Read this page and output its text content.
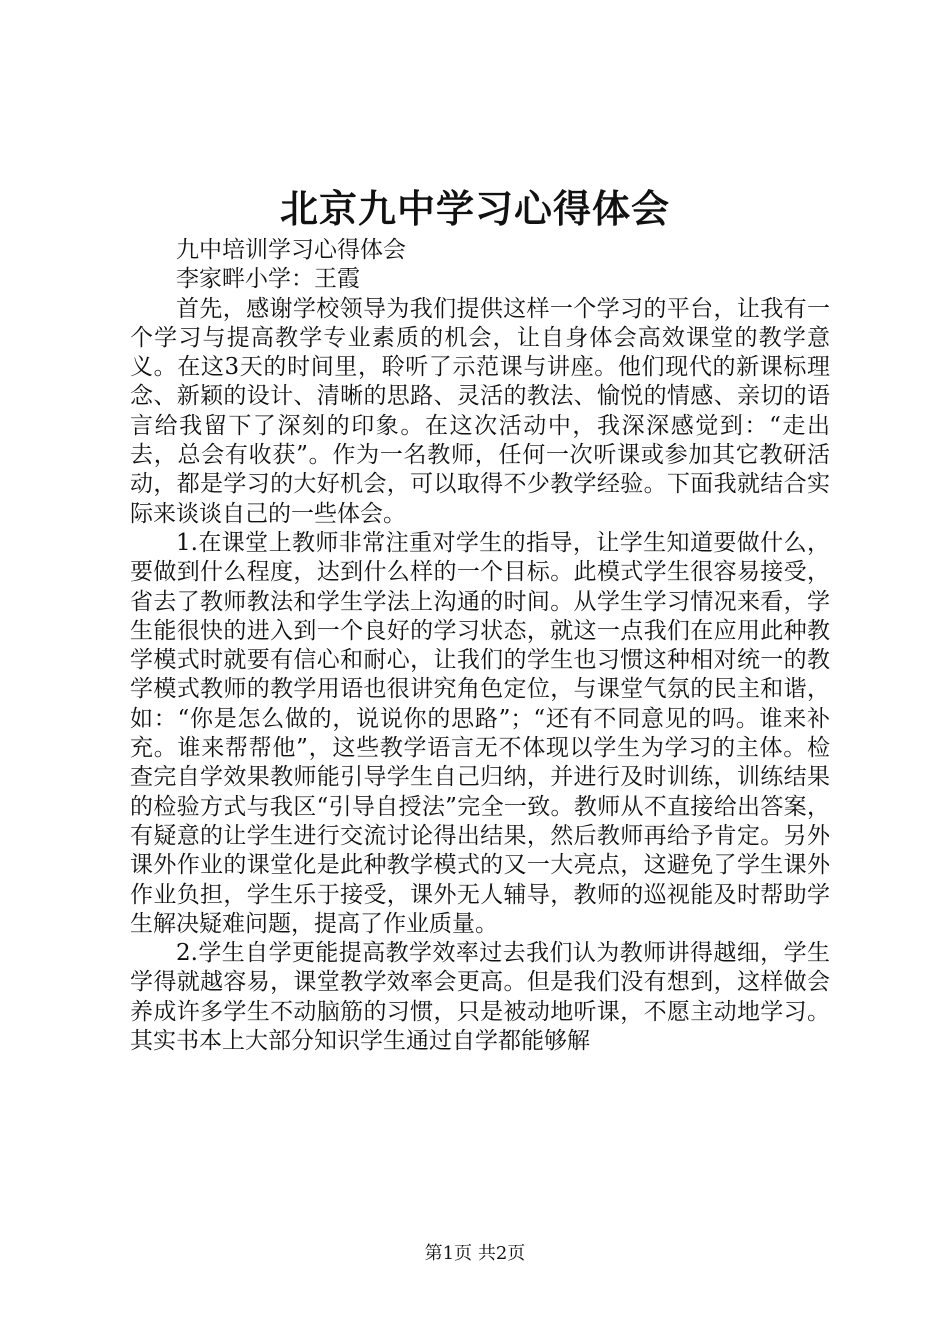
北京九中学习心得体会

九中培训学习心得体会

李家畔小学：王霞

首先，感谢学校领导为我们提供这样一个学习的平台，让我有一个学习与提高教学专业素质的机会，让自身体会高效课堂的教学意义。在这3天的时间里，聆听了示范课与讲座。他们现代的新课标理念、新颖的设计、清晰的思路、灵活的教法、愉悦的情感、亲切的语言给我留下了深刻的印象。在这次活动中，我深深感觉到：“走出去，总会有收获”。作为一名教师，任何一次听课或参加其它教研活动，都是学习的大好机会，可以取得不少教学经验。下面我就结合实际来谈谈自己的一些体会。

1.在课堂上教师非常注重对学生的指导，让学生知道要做什么，要做到什么程度，达到什么样的一个目标。此模式学生很容易接受，省去了教师教法和学生学法上沟通的时间。从学生学习情况来看，学生能很快的进入到一个良好的学习状态，就这一点我们在应用此种教学模式时就要有信心和耐心，让我们的学生也习惯这种相对统一的教学模式教师的教学用语也很讲究角色定位，与课堂气氛的民主和谐，如：“你是怎么做的，说说你的思路”；“还有不同意见的吗。谁来补充。谁来帮帮他”，这些教学语言无不体现以学生为学习的主体。检查完自学效果教师能引导学生自己归纳，并进行及时训练，训练结果的检验方式与我区“引导自授法”完全一致。教师从不直接给出答案，有疑意的让学生进行交流讨论得出结果，然后教师再给予肯定。另外课外作业的课堂化是此种教学模式的又一大亮点，这避免了学生课外作业负担，学生乐于接受，课外无人辅导，教师的巡视能及时帮助学生解决疑难问题，提高了作业质量。

2.学生自学更能提高教学效率过去我们认为教师讲得越细，学生学得就越容易，课堂教学效率会更高。但是我们没有想到，这样做会养成许多学生不动脑筋的习惯，只是被动地听课，不愿主动地学习。其实书本上大部分知识学生通过自学都能够解

第1页 共2页
